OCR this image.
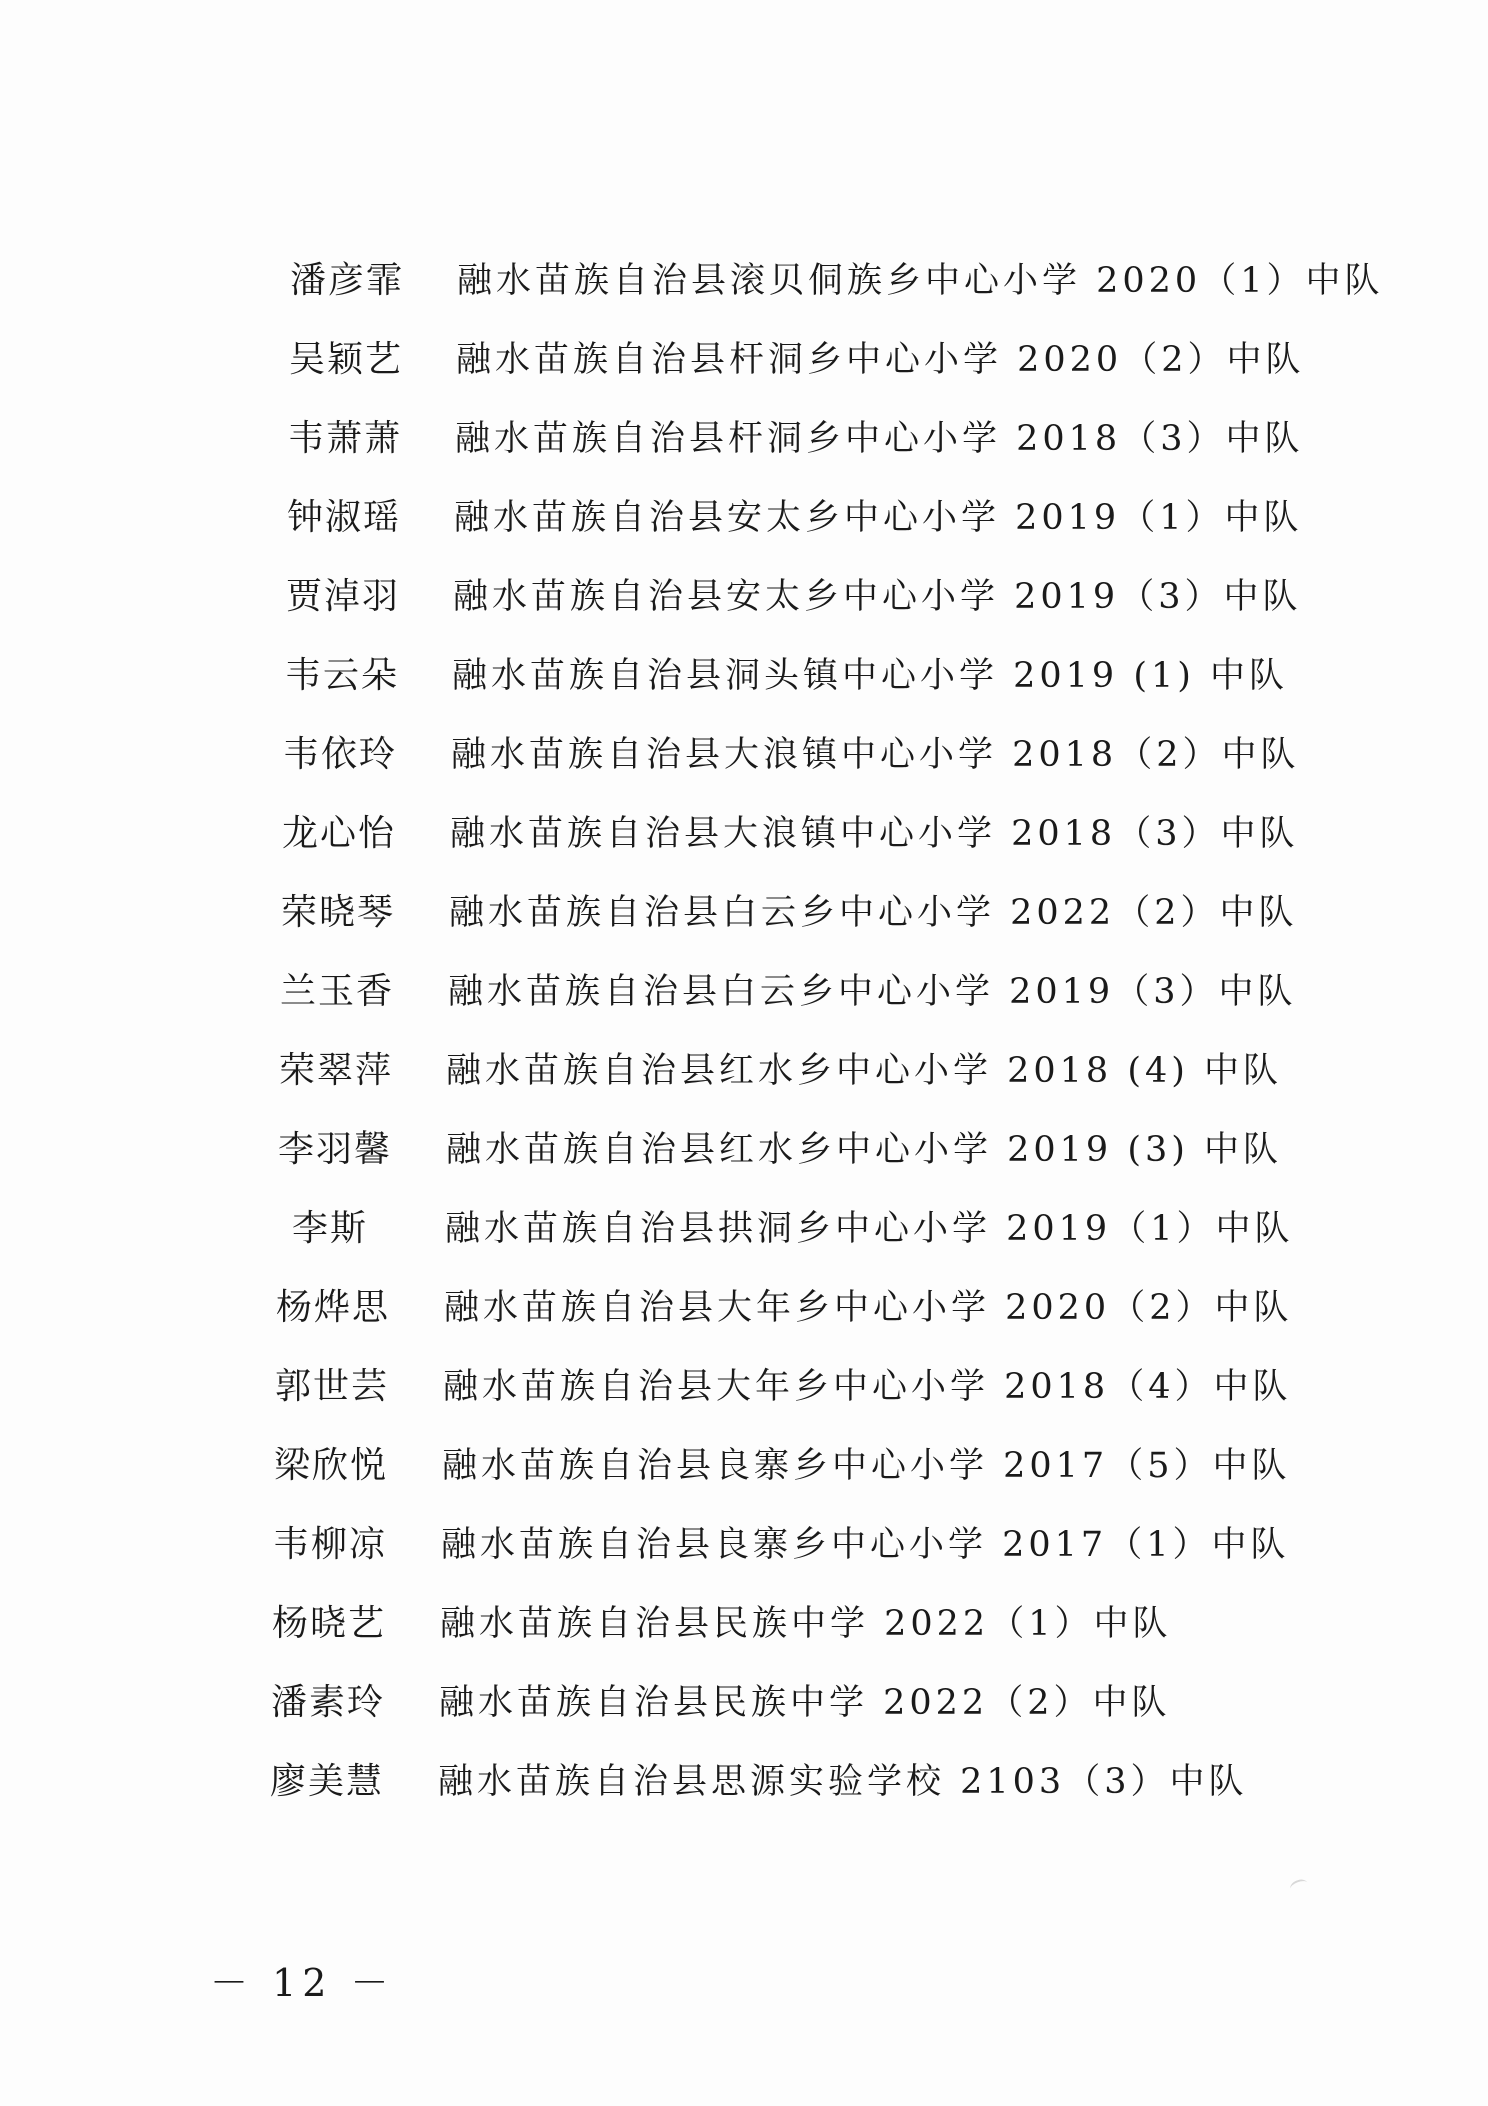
潘彦霏 融水苗族自治县滚贝侗族乡中心小学 2020（1）中队
吴颖艺 融水苗族自治县杆洞乡中心小学 2020（2）中队
韦萧萧 融水苗族自治县杆洞乡中心小学 2018（3）中队
钟淑瑶 融水苗族自治县安太乡中心小学 2019（1）中队
贾淖羽 融水苗族自治县安太乡中心小学 2019（3）中队
韦云朵 融水苗族自治县洞头镇中心小学 2019 (1) 中队
韦依玲 融水苗族自治县大浪镇中心小学 2018（2）中队
龙心怡 融水苗族自治县大浪镇中心小学 2018（3）中队
荣晓琴 融水苗族自治县白云乡中心小学 2022（2）中队
兰玉香 融水苗族自治县白云乡中心小学 2019（3）中队
荣翠萍 融水苗族自治县红水乡中心小学 2018 (4) 中队
李羽馨 融水苗族自治县红水乡中心小学 2019 (3) 中队
李斯 融水苗族自治县拱洞乡中心小学 2019（1）中队
杨烨思 融水苗族自治县大年乡中心小学 2020（2）中队
郭世芸 融水苗族自治县大年乡中心小学 2018（4）中队
梁欣悦 融水苗族自治县良寨乡中心小学 2017（5）中队
韦柳凉 融水苗族自治县良寨乡中心小学 2017（1）中队
杨晓艺 融水苗族自治县民族中学 2022（1）中队
潘素玲 融水苗族自治县民族中学 2022（2）中队
廖美慧 融水苗族自治县思源实验学校 2103（3）中队
－ 12 －
